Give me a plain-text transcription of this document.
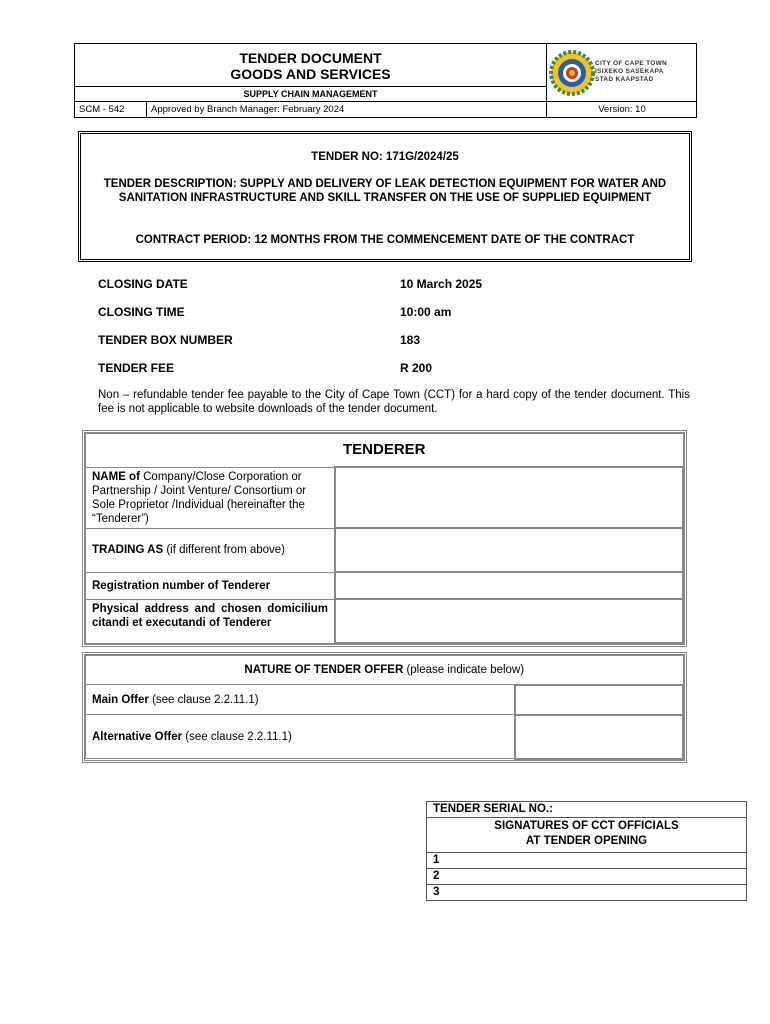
TENDER DOCUMENT
GOODS AND SERVICES
SUPPLY CHAIN MANAGEMENT
SCM - 542	Approved by Branch Manager: February 2024	Version: 10
CITY OF CAPE TOWN
ISIXEKO SASEKAPA
STAD KAAPSTAD

TENDER NO: 171G/2024/25

TENDER DESCRIPTION: SUPPLY AND DELIVERY OF LEAK DETECTION EQUIPMENT FOR WATER AND SANITATION INFRASTRUCTURE AND SKILL TRANSFER ON THE USE OF SUPPLIED EQUIPMENT

CONTRACT PERIOD: 12 MONTHS FROM THE COMMENCEMENT DATE OF THE CONTRACT

CLOSING DATE	10 March 2025
CLOSING TIME	10:00 am
TENDER BOX NUMBER	183
TENDER FEE	R 200
Non – refundable tender fee payable to the City of Cape Town (CCT) for a hard copy of the tender document. This fee is not applicable to website downloads of the tender document.
TENDERER	
NAME of Company/Close Corporation or Partnership / Joint Venture/ Consortium or Sole Proprietor /Individual (hereinafter the “Tenderer”)	
TRADING AS (if different from above)	
Registration number of Tenderer	
Physical address and chosen domicilium citandi et executandi of Tenderer	
NATURE OF TENDER OFFER (please indicate below)	
Main Offer (see clause 2.2.11.1)	
Alternative Offer (see clause 2.2.11.1)	
TENDER SERIAL NO.:

SIGNATURES OF CCT OFFICIALS
AT TENDER OPENING

1
2
3
